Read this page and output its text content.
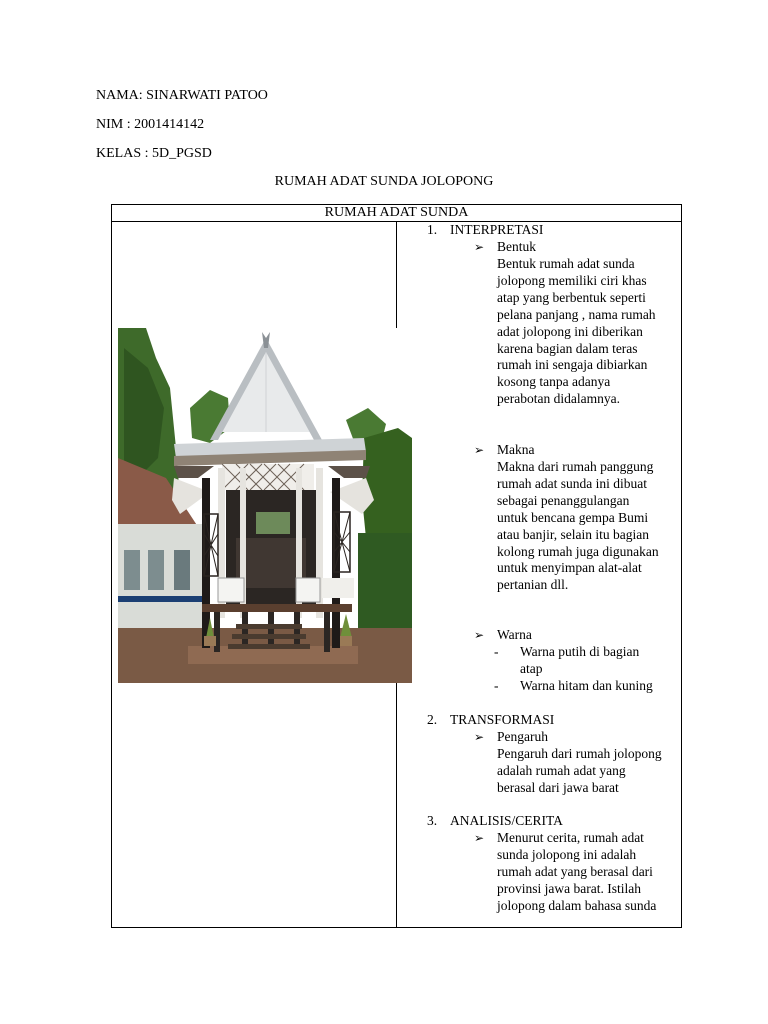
NAMA: SINARWATI PATOO
NIM : 2001414142
KELAS : 5D_PGSD
RUMAH ADAT SUNDA JOLOPONG
RUMAH ADAT SUNDA

1. INTERPRETASI
➢ Bentuk
Bentuk rumah adat sunda jolopong memiliki ciri khas atap yang berbentuk seperti pelana panjang , nama rumah adat jolopong ini diberikan karena bagian dalam teras rumah ini sengaja dibiarkan kosong tanpa adanya perabotan didalamnya.
➢ Makna
Makna dari rumah panggung rumah adat sunda ini dibuat sebagai penanggulangan untuk bencana gempa Bumi atau banjir, selain itu bagian kolong rumah juga digunakan untuk menyimpan alat-alat pertanian dll.
➢ Warna
- Warna putih di bagian atap
- Warna hitam dan kuning
2. TRANSFORMASI
➢ Pengaruh
Pengaruh dari rumah jolopong adalah rumah adat yang berasal dari jawa barat
3. ANALISIS/CERITA
➢ Menurut cerita, rumah adat sunda jolopong ini adalah rumah adat yang berasal dari provinsi jawa barat. Istilah jolopong dalam bahasa sunda
